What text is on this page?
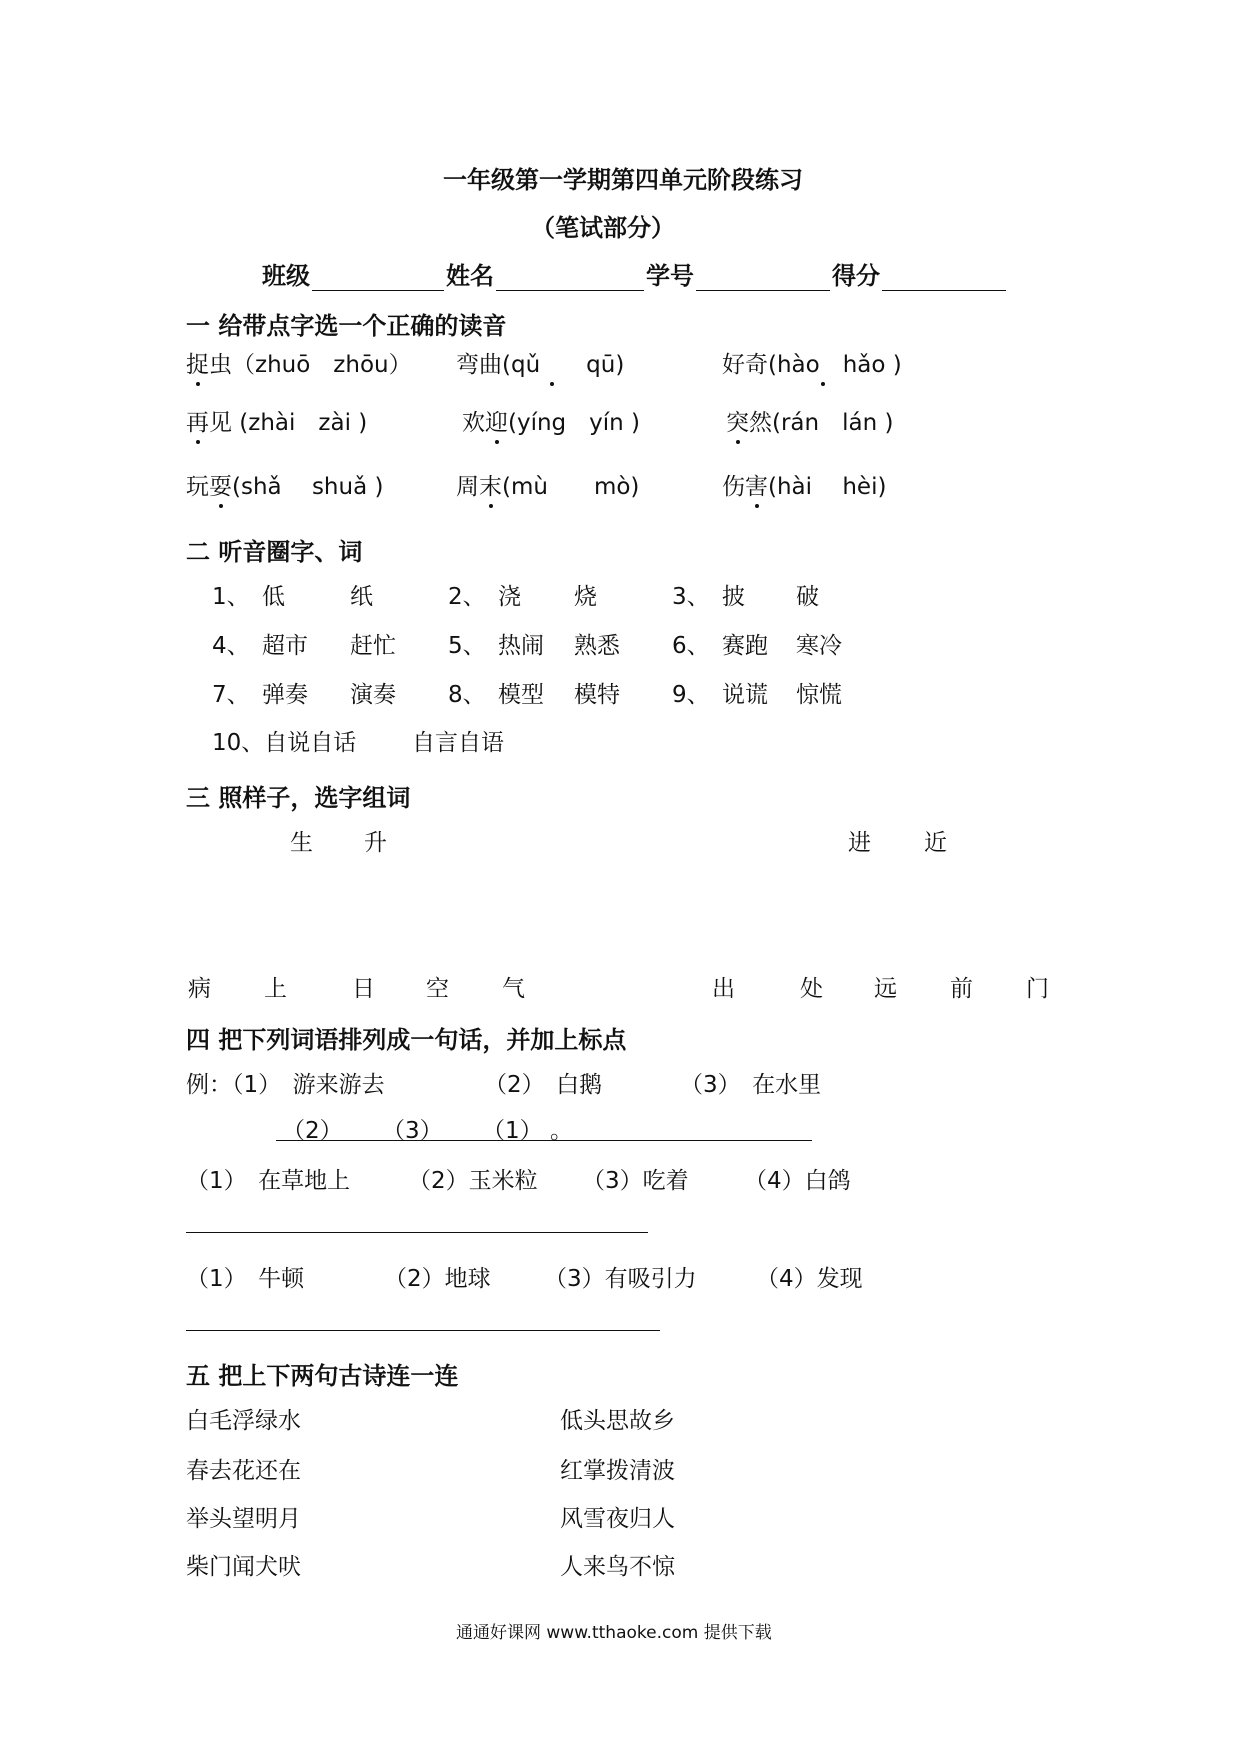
一年级第一学期第四单元阶段练习
（笔试部分）
班级	姓名	学号	得分
一 给带点字选一个正确的读音
捉虫（zhuō　zhōu） 弯曲(qǔ　　qū)	好奇(hào　hǎo )
再见 (zhài　zài )	欢迎(yíng　yín )	突然(rán　lán )
玩耍(shǎ　 shuǎ )	周末(mù　　mò)	伤害(hài　 hèi)
二 听音圈字、词
1、 低	纸	2、 浇 烧	3、 披 破
4、 超市 赶忙 5、 热闹 熟悉 6、 赛跑 寒冷
7、 弹奏 演奏 8、 模型 模特 9、 说谎 惊慌
10、自说自话 自言自语
三 照样子，选字组词
生 升	进 近
病 上	日 空 气	出	处 远 前 门
四 把下列词语排列成一句话，并加上标点
例：（1）　游来游去	（2）　白鹅	（3）　在水里
（2） （3） （1） 。
（1）　在草地上	（2）玉米粒 （3）吃着 （4）白鸽
（1）　牛顿	（2）地球 （3）有吸引力	（4）发现
五 把上下两句古诗连一连
白毛浮绿水	低头思故乡
春去花还在	红掌拨清波
举头望明月	风雪夜归人
柴门闻犬吠	人来鸟不惊
通通好课网 www.tthaoke.com 提供下载
